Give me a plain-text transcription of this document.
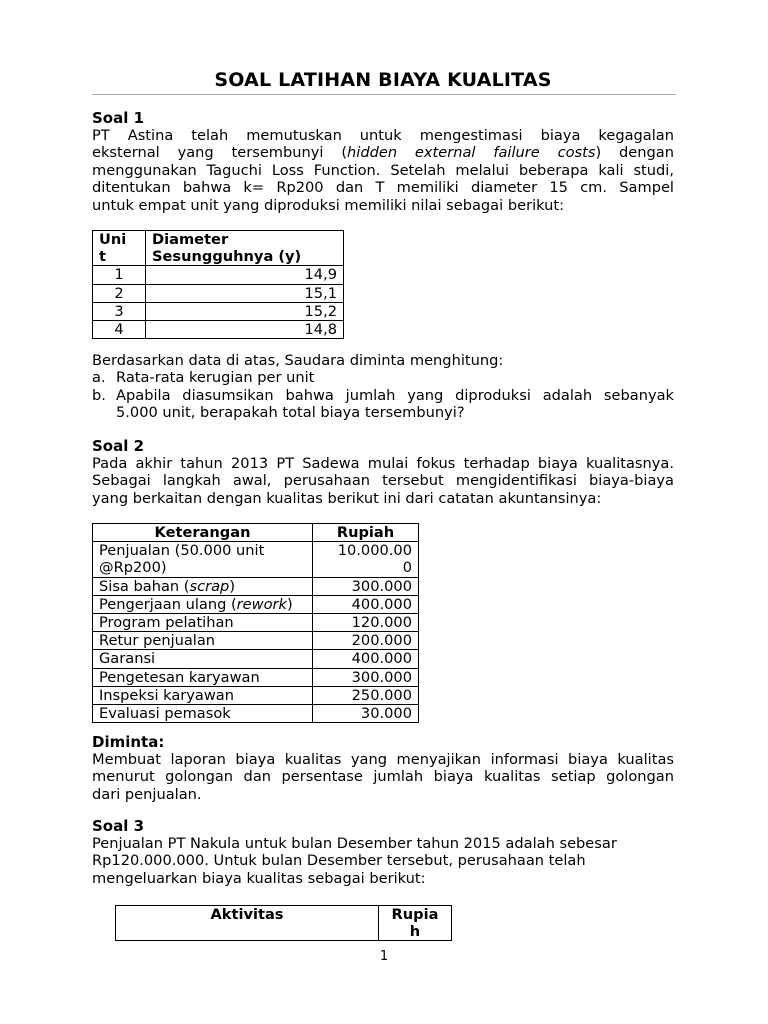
SOAL LATIHAN BIAYA KUALITAS
Soal 1
PT Astina telah memutuskan untuk mengestimasi biaya kegagalan
eksternal yang tersembunyi (hidden external failure costs) dengan
menggunakan Taguchi Loss Function. Setelah melalui beberapa kali studi,
ditentukan bahwa k= Rp200 dan T memiliki diameter 15 cm. Sampel
untuk empat unit yang diproduksi memiliki nilai sebagai berikut:
Uni
t	Diameter
Sesungguhnya (y)
1	14,9
2	15,1
3	15,2
4	14,8
Berdasarkan data di atas, Saudara diminta menghitung:
a. Rata-rata kerugian per unit
b. Apabila diasumsikan bahwa jumlah yang diproduksi adalah sebanyak
5.000 unit, berapakah total biaya tersembunyi?
Soal 2
Pada akhir tahun 2013 PT Sadewa mulai fokus terhadap biaya kualitasnya.
Sebagai langkah awal, perusahaan tersebut mengidentifikasi biaya-biaya
yang berkaitan dengan kualitas berikut ini dari catatan akuntansinya:
Keterangan	Rupiah
Penjualan (50.000 unit
@Rp200)	10.000.00
0
Sisa bahan (scrap)	300.000
Pengerjaan ulang (rework)	400.000
Program pelatihan	120.000
Retur penjualan	200.000
Garansi	400.000
Pengetesan karyawan	300.000
Inspeksi karyawan	250.000
Evaluasi pemasok	30.000
Diminta:
Membuat laporan biaya kualitas yang menyajikan informasi biaya kualitas
menurut golongan dan persentase jumlah biaya kualitas setiap golongan
dari penjualan.
Soal 3
Penjualan PT Nakula untuk bulan Desember tahun 2015 adalah sebesar
Rp120.000.000. Untuk bulan Desember tersebut, perusahaan telah
mengeluarkan biaya kualitas sebagai berikut:
Aktivitas	Rupia
h
1
